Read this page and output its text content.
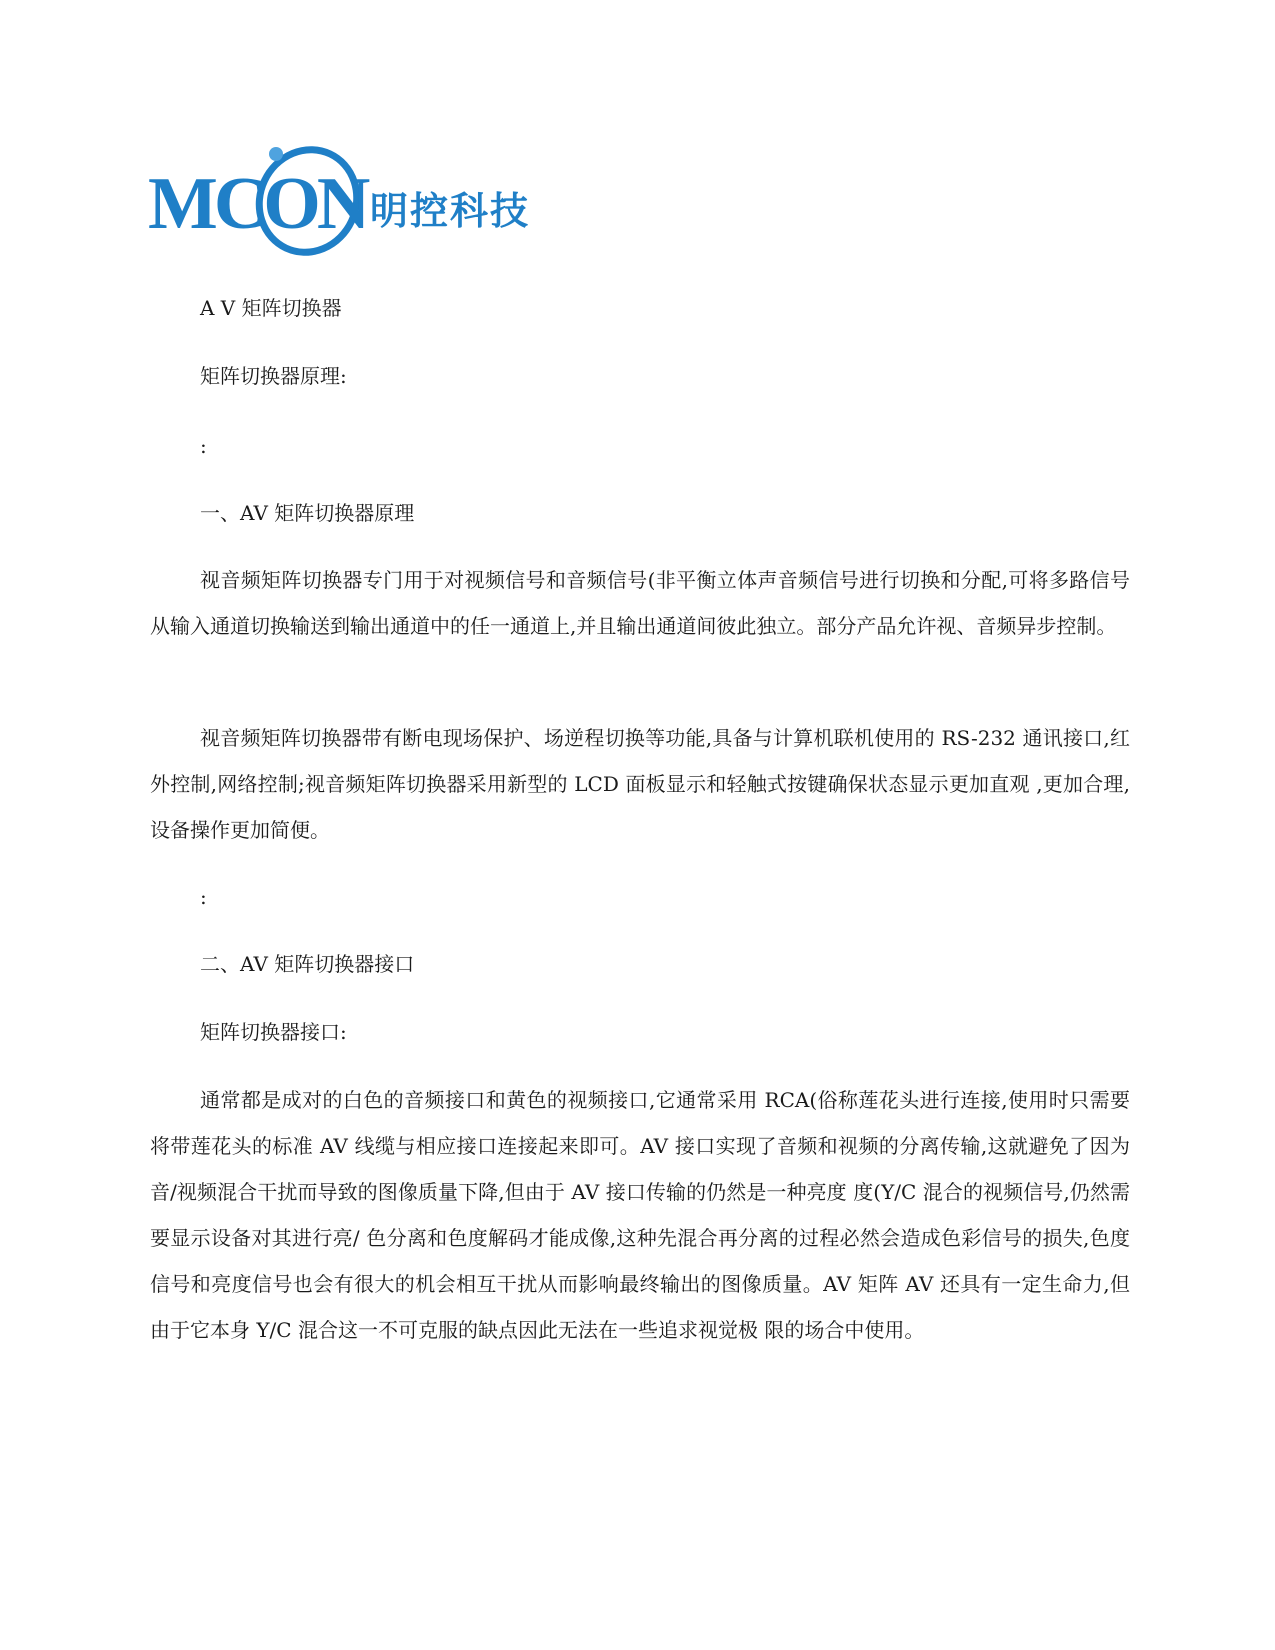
MCON 明控科技
A V 矩阵切换器
矩阵切换器原理:
:
一、AV 矩阵切换器原理
视音频矩阵切换器专门用于对视频信号和音频信号(非平衡立体声音频信号进行切换和分配,可将多路信号从输入通道切换输送到输出通道中的任一通道上,并且输出通道间彼此独立。部分产品允许视、音频异步控制。
视音频矩阵切换器带有断电现场保护、场逆程切换等功能,具备与计算机联机使用的 RS-232 通讯接口,红外控制,网络控制;视音频矩阵切换器采用新型的 LCD 面板显示和轻触式按键确保状态显示更加直观 ,更加合理,设备操作更加简便。
:
二、AV 矩阵切换器接口
矩阵切换器接口:
通常都是成对的白色的音频接口和黄色的视频接口,它通常采用 RCA(俗称莲花头进行连接,使用时只需要将带莲花头的标准 AV 线缆与相应接口连接起来即可。AV 接口实现了音频和视频的分离传输,这就避免了因为音/视频混合干扰而导致的图像质量下降,但由于 AV 接口传输的仍然是一种亮度 度(Y/C 混合的视频信号,仍然需要显示设备对其进行亮/ 色分离和色度解码才能成像,这种先混合再分离的过程必然会造成色彩信号的损失,色度信号和亮度信号也会有很大的机会相互干扰从而影响最终输出的图像质量。AV 矩阵 AV 还具有一定生命力,但由于它本身 Y/C 混合这一不可克服的缺点因此无法在一些追求视觉极 限的场合中使用。
